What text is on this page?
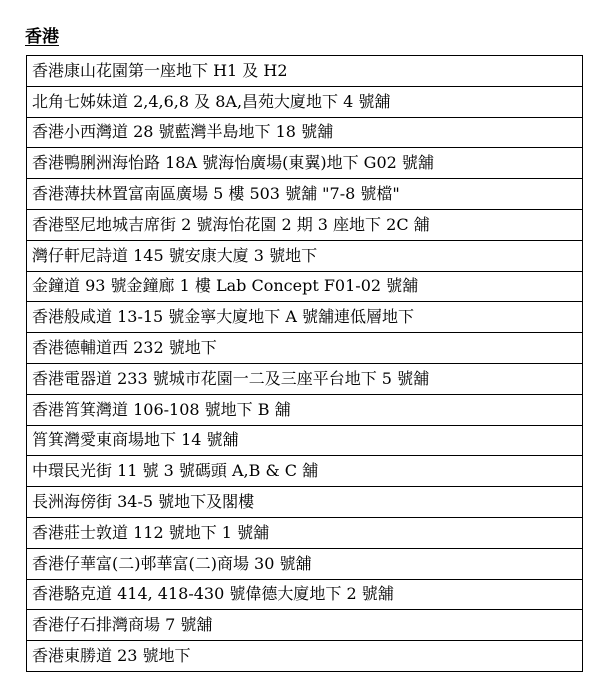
香港
香港康山花園第一座地下 H1 及 H2
北角七姊妹道 2,4,6,8 及 8A,昌苑大廈地下 4 號舖
香港小西灣道 28 號藍灣半島地下 18 號舖
香港鴨脷洲海怡路 18A 號海怡廣場(東翼)地下 G02 號舖
香港薄扶林置富南區廣場 5 樓 503 號舖 "7-8 號檔"
香港堅尼地城吉席街 2 號海怡花園 2 期 3 座地下 2C 舖
灣仔軒尼詩道 145 號安康大廈 3 號地下
金鐘道 93 號金鐘廊 1 樓 Lab Concept F01-02 號舖
香港般咸道 13-15 號金寧大廈地下 A 號舖連低層地下
香港德輔道西 232 號地下
香港電器道 233 號城市花園一二及三座平台地下 5 號舖
香港筲箕灣道 106-108 號地下 B 舖
筲箕灣愛東商場地下 14 號舖
中環民光街 11 號 3 號碼頭 A,B & C 舖
長洲海傍街 34-5 號地下及閣樓
香港莊士敦道 112 號地下 1 號舖
香港仔華富(二)邨華富(二)商場 30 號舖
香港駱克道 414, 418-430 號偉德大廈地下 2 號舖
香港仔石排灣商場 7 號舖
香港東勝道 23 號地下
